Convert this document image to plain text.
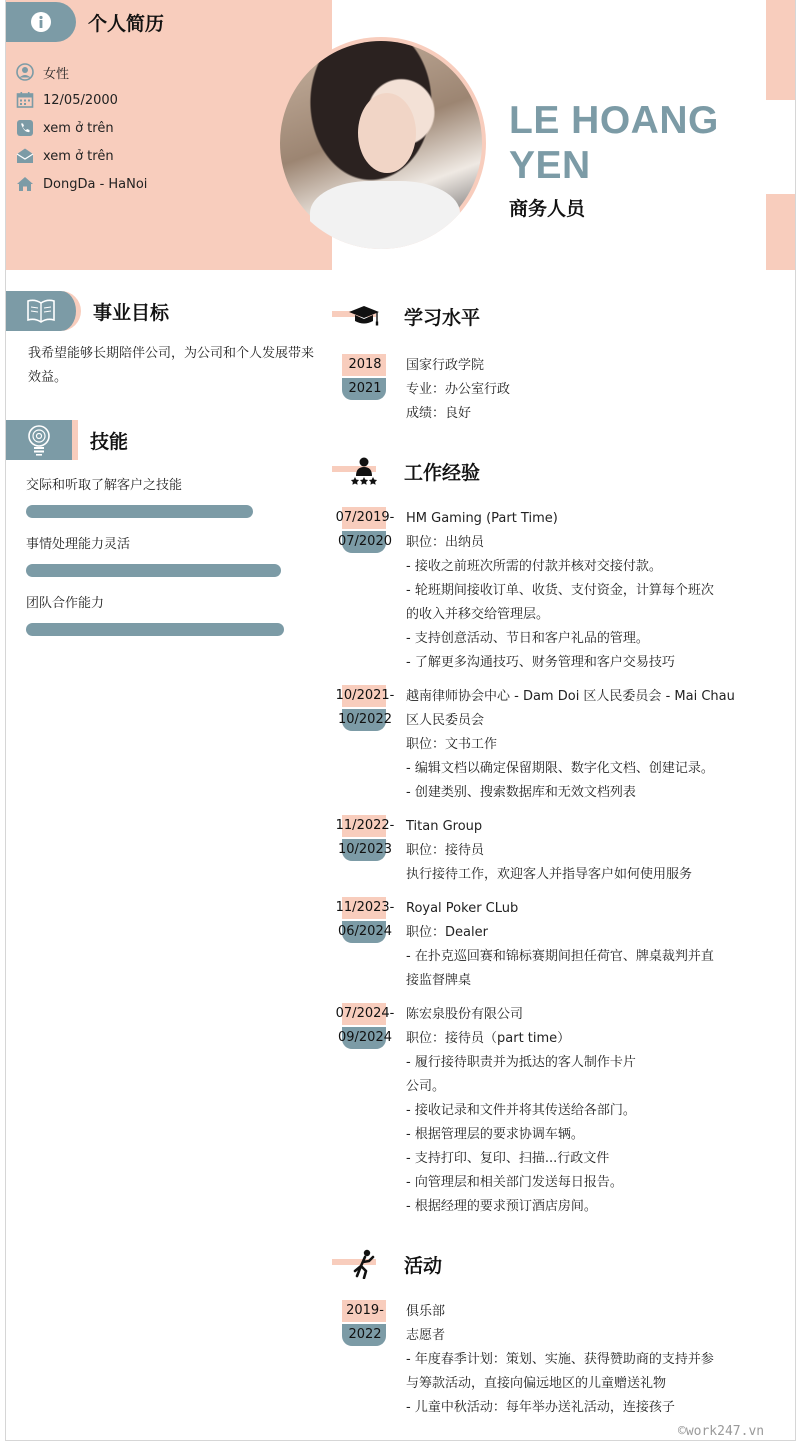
个人简历
女性
12/05/2000
xem ở trên
xem ở trên
DongDa - HaNoi
LE HOANG YEN
商务人员
事业目标
我希望能够长期陪伴公司，为公司和个人发展带来效益。
技能
交际和听取了解客户之技能
事情处理能力灵活
团队合作能力
学习水平
2018
2021
国家行政学院
专业：办公室行政
成绩：良好
工作经验
07/2019-
07/2020
HM Gaming (Part Time)
职位：出纳员
- 接收之前班次所需的付款并核对交接付款。
- 轮班期间接收订单、收货、支付资金，计算每个班次
的收入并移交给管理层。
- 支持创意活动、节日和客户礼品的管理。
- 了解更多沟通技巧、财务管理和客户交易技巧
10/2021-
10/2022
越南律师协会中心 - Dam Doi 区人民委员会 - Mai Chau
区人民委员会
职位：文书工作
- 编辑文档以确定保留期限、数字化文档、创建记录。
- 创建类别、搜索数据库和无效文档列表
11/2022-
10/2023
Titan Group
职位：接待员
执行接待工作，欢迎客人并指导客户如何使用服务
11/2023-
06/2024
Royal Poker CLub
职位：Dealer
- 在扑克巡回赛和锦标赛期间担任荷官、牌桌裁判并直
接监督牌桌
07/2024-
09/2024
陈宏泉股份有限公司
职位：接待员（part time）
- 履行接待职责并为抵达的客人制作卡片
公司。
- 接收记录和文件并将其传送给各部门。
- 根据管理层的要求协调车辆。
- 支持打印、复印、扫描...行政文件
- 向管理层和相关部门发送每日报告。
- 根据经理的要求预订酒店房间。
活动
2019-
2022
俱乐部
志愿者
- 年度春季计划：策划、实施、获得赞助商的支持并参
与筹款活动，直接向偏远地区的儿童赠送礼物
- 儿童中秋活动：每年举办送礼活动，连接孩子
©work247.vn
